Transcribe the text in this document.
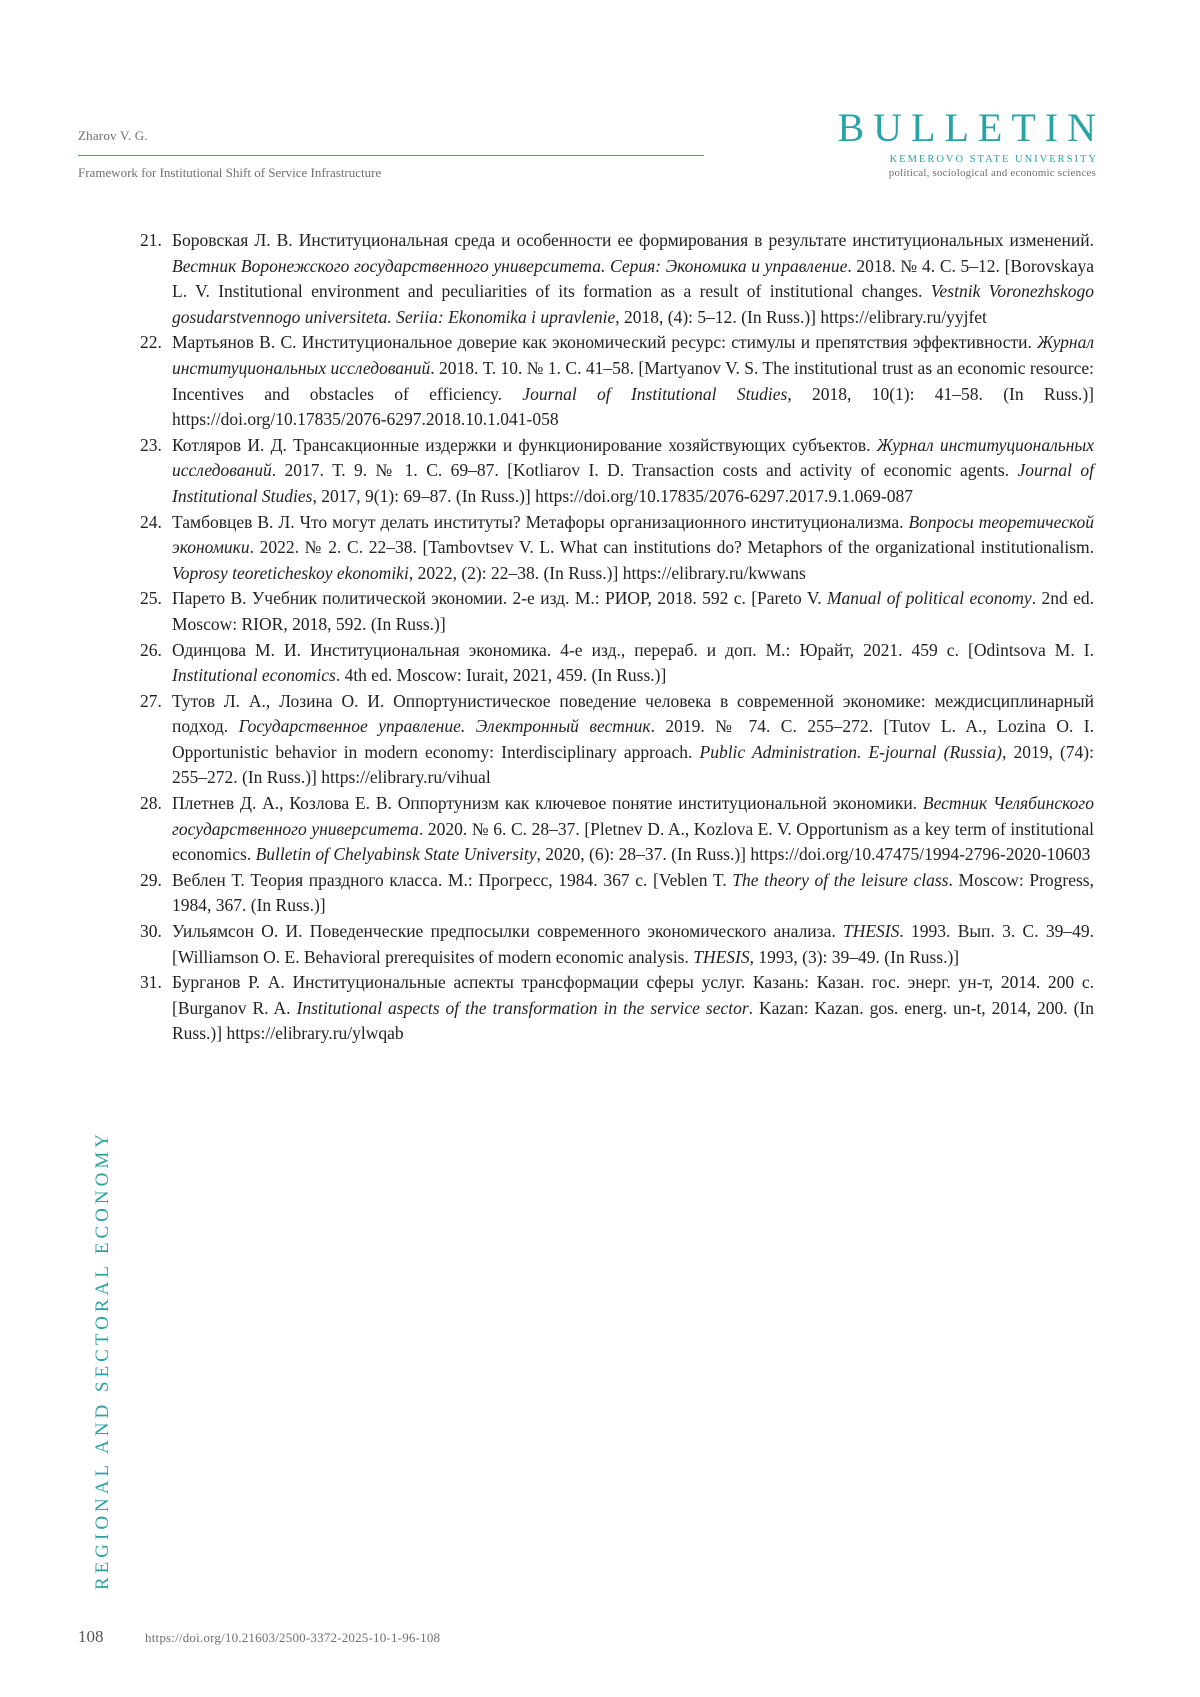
Zharov V. G.
Framework for Institutional Shift of Service Infrastructure
BULLETIN
KEMEROVO STATE UNIVERSITY
political, sociological and economic sciences
21. Боровская Л. В. Институциональная среда и особенности ее формирования в результате институциональных изменений. Вестник Воронежского государственного университета. Серия: Экономика и управление. 2018. № 4. С. 5–12. [Borovskaya L. V. Institutional environment and peculiarities of its formation as a result of institutional changes. Vestnik Voronezhskogo gosudarstvennogo universiteta. Seriia: Ekonomika i upravlenie, 2018, (4): 5–12. (In Russ.)] https://elibrary.ru/yyjfet
22. Мартьянов В. С. Институциональное доверие как экономический ресурс: стимулы и препятствия эффективности. Журнал институциональных исследований. 2018. Т. 10. № 1. С. 41–58. [Martyanov V. S. The institutional trust as an economic resource: Incentives and obstacles of efficiency. Journal of Institutional Studies, 2018, 10(1): 41–58. (In Russ.)] https://doi.org/10.17835/2076-6297.2018.10.1.041-058
23. Котляров И. Д. Трансакционные издержки и функционирование хозяйствующих субъектов. Журнал институциональных исследований. 2017. Т. 9. № 1. С. 69–87. [Kotliarov I. D. Transaction costs and activity of economic agents. Journal of Institutional Studies, 2017, 9(1): 69–87. (In Russ.)] https://doi.org/10.17835/2076-6297.2017.9.1.069-087
24. Тамбовцев В. Л. Что могут делать институты? Метафоры организационного институционализма. Вопросы теоретической экономики. 2022. № 2. С. 22–38. [Tambovtsev V. L. What can institutions do? Metaphors of the organizational institutionalism. Voprosy teoreticheskoy ekonomiki, 2022, (2): 22–38. (In Russ.)] https://elibrary.ru/kwwans
25. Парето В. Учебник политической экономии. 2-е изд. М.: РИОР, 2018. 592 с. [Pareto V. Manual of political economy. 2nd ed. Moscow: RIOR, 2018, 592. (In Russ.)]
26. Одинцова М. И. Институциональная экономика. 4-е изд., перераб. и доп. М.: Юрайт, 2021. 459 с. [Odintsova M. I. Institutional economics. 4th ed. Moscow: Iurait, 2021, 459. (In Russ.)]
27. Тутов Л. А., Лозина О. И. Оппортунистическое поведение человека в современной экономике: междисциплинарный подход. Государственное управление. Электронный вестник. 2019. № 74. С. 255–272. [Tutov L. A., Lozina O. I. Opportunistic behavior in modern economy: Interdisciplinary approach. Public Administration. E-journal (Russia), 2019, (74): 255–272. (In Russ.)] https://elibrary.ru/vihual
28. Плетнев Д. А., Козлова Е. В. Оппортунизм как ключевое понятие институциональной экономики. Вестник Челябинского государственного университета. 2020. № 6. С. 28–37. [Pletnev D. A., Kozlova E. V. Opportunism as a key term of institutional economics. Bulletin of Chelyabinsk State University, 2020, (6): 28–37. (In Russ.)] https://doi.org/10.47475/1994-2796-2020-10603
29. Веблен Т. Теория праздного класса. М.: Прогресс, 1984. 367 с. [Veblen T. The theory of the leisure class. Moscow: Progress, 1984, 367. (In Russ.)]
30. Уильямсон О. И. Поведенческие предпосылки современного экономического анализа. THESIS. 1993. Вып. 3. С. 39–49. [Williamson O. E. Behavioral prerequisites of modern economic analysis. THESIS, 1993, (3): 39–49. (In Russ.)]
31. Бурганов Р. А. Институциональные аспекты трансформации сферы услуг. Казань: Казан. гос. энерг. ун-т, 2014. 200 с. [Burganov R. A. Institutional aspects of the transformation in the service sector. Kazan: Kazan. gos. energ. un-t, 2014, 200. (In Russ.)] https://elibrary.ru/ylwqab
REGIONAL AND SECTORAL ECONOMY
108	https://doi.org/10.21603/2500-3372-2025-10-1-96-108
